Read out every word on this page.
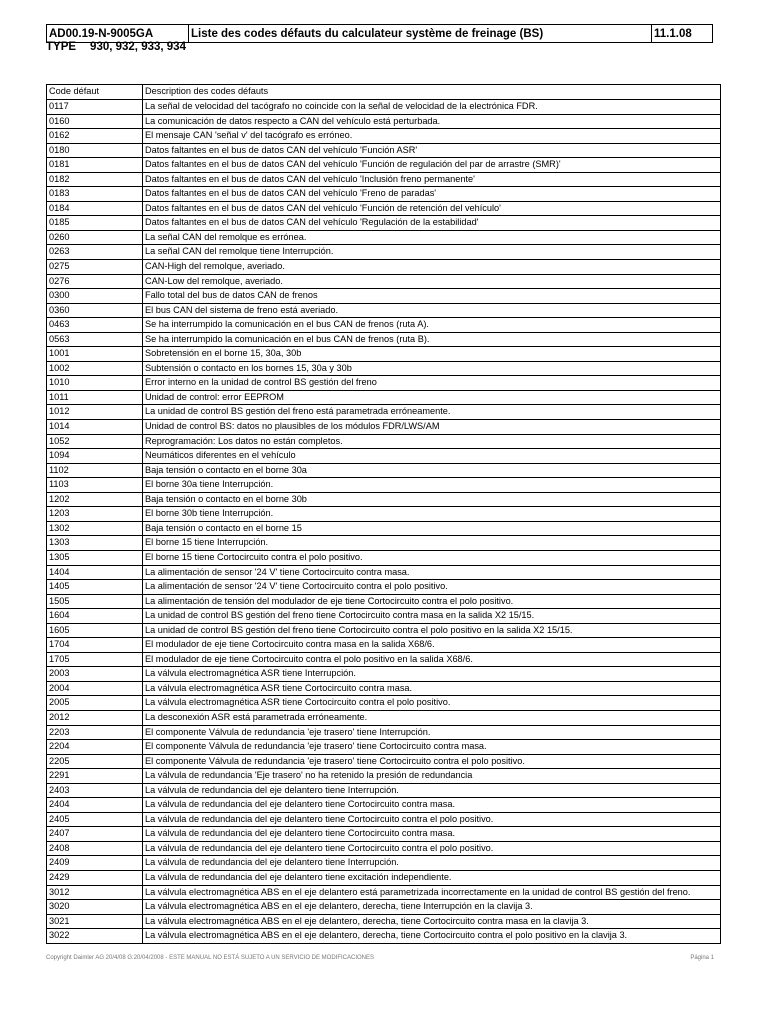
AD00.19-N-9005GA	Liste des codes défauts du calculateur système de freinage (BS)	11.1.08
TYPE 930, 932, 933, 934
Code défaut	Description des codes défauts
0117	La señal de velocidad del tacógrafo no coincide con la señal de velocidad de la electrónica FDR.
0160	La comunicación de datos respecto a CAN del vehículo está perturbada.
0162	El mensaje CAN 'señal v' del tacógrafo es erróneo.
0180	Datos faltantes en el bus de datos CAN del vehículo 'Función ASR'
0181	Datos faltantes en el bus de datos CAN del vehículo 'Función de regulación del par de arrastre (SMR)'
0182	Datos faltantes en el bus de datos CAN del vehículo 'Inclusión freno permanente'
0183	Datos faltantes en el bus de datos CAN del vehículo 'Freno de paradas'
0184	Datos faltantes en el bus de datos CAN del vehículo 'Función de retención del vehículo'
0185	Datos faltantes en el bus de datos CAN del vehículo 'Regulación de la estabilidad'
0260	La señal CAN del remolque es errónea.
0263	La señal CAN del remolque tiene Interrupción.
0275	CAN-High del remolque, averiado.
0276	CAN-Low del remolque, averiado.
0300	Fallo total del bus de datos CAN de frenos
0360	El bus CAN del sistema de freno está averiado.
0463	Se ha interrumpido la comunicación en el bus CAN de frenos (ruta A).
0563	Se ha interrumpido la comunicación en el bus CAN de frenos (ruta B).
1001	Sobretensión en el borne 15, 30a, 30b
1002	Subtensión o contacto en los bornes 15, 30a y 30b
1010	Error interno en la unidad de control BS gestión del freno
1011	Unidad de control: error EEPROM
1012	La unidad de control BS gestión del freno está parametrada erróneamente.
1014	Unidad de control BS: datos no plausibles de los módulos FDR/LWS/AM
1052	Reprogramación: Los datos no están completos.
1094	Neumáticos diferentes en el vehículo
1102	Baja tensión o contacto en el borne 30a
1103	El borne 30a tiene Interrupción.
1202	Baja tensión o contacto en el borne 30b
1203	El borne 30b tiene Interrupción.
1302	Baja tensión o contacto en el borne 15
1303	El borne 15 tiene Interrupción.
1305	El borne 15 tiene Cortocircuito contra el polo positivo.
1404	La alimentación de sensor '24 V' tiene Cortocircuito contra masa.
1405	La alimentación de sensor '24 V' tiene Cortocircuito contra el polo positivo.
1505	La alimentación de tensión del modulador de eje tiene Cortocircuito contra el polo positivo.
1604	La unidad de control BS gestión del freno tiene Cortocircuito contra masa en la salida X2 15/15.
1605	La unidad de control BS gestión del freno tiene Cortocircuito contra el polo positivo en la salida X2 15/15.
1704	El modulador de eje tiene Cortocircuito contra masa en la salida X68/6.
1705	El modulador de eje tiene Cortocircuito contra el polo positivo en la salida X68/6.
2003	La válvula electromagnética ASR tiene Interrupción.
2004	La válvula electromagnética ASR tiene Cortocircuito contra masa.
2005	La válvula electromagnética ASR tiene Cortocircuito contra el polo positivo.
2012	La desconexión ASR está parametrada erróneamente.
2203	El componente Válvula de redundancia 'eje trasero' tiene Interrupción.
2204	El componente Válvula de redundancia 'eje trasero' tiene Cortocircuito contra masa.
2205	El componente Válvula de redundancia 'eje trasero' tiene Cortocircuito contra el polo positivo.
2291	La válvula de redundancia 'Eje trasero' no ha retenido la presión de redundancia
2403	La válvula de redundancia del eje delantero tiene Interrupción.
2404	La válvula de redundancia del eje delantero tiene Cortocircuito contra masa.
2405	La válvula de redundancia del eje delantero tiene Cortocircuito contra el polo positivo.
2407	La válvula de redundancia del eje delantero tiene Cortocircuito contra masa.
2408	La válvula de redundancia del eje delantero tiene Cortocircuito contra el polo positivo.
2409	La válvula de redundancia del eje delantero tiene Interrupción.
2429	La válvula de redundancia del eje delantero tiene excitación independiente.
3012	La válvula electromagnética ABS en el eje delantero está parametrizada incorrectamente en la unidad de control BS gestión del freno.
3020	La válvula electromagnética ABS en el eje delantero, derecha, tiene Interrupción en la clavija 3.
3021	La válvula electromagnética ABS en el eje delantero, derecha, tiene Cortocircuito contra masa en la clavija 3.
3022	La válvula electromagnética ABS en el eje delantero, derecha, tiene Cortocircuito contra el polo positivo en la clavija 3.
Copyright Daimler AG 20/4/08 G:20/04/2008 - ESTE MANUAL NO ESTÁ SUJETO A UN SERVICIO DE MODIFICACIONES	Página 1
